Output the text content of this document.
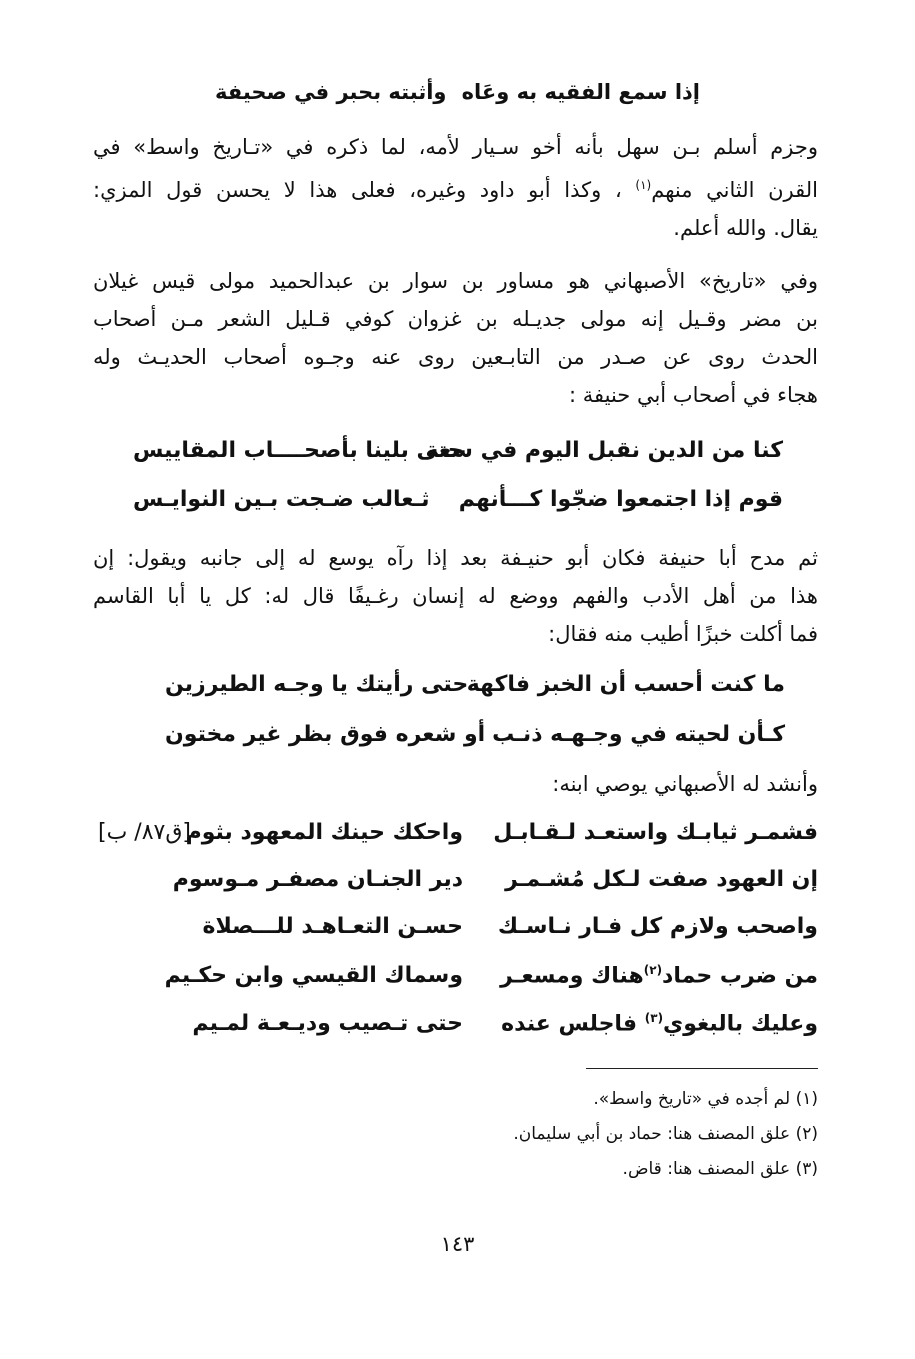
إذا سمع الفقيه به وعَاه
وأثبته بحبر في صحيفة
وجزم أسلم بـن سهل بأنه أخو سـيار لأمه، لما ذكره في «تـاريخ واسط» في
القرن الثاني منهم$^{(١)}$ ، وكذا أبو داود وغيره، فعلى هذا لا يحسن قول المزي:
يقال. والله أعلم.
وفي «تاريخ» الأصبهاني هو مساور بن سوار بن عبدالحميد مولى قيس غيلان
بن مضر وقـيل إنه مولى جديـله بن غزوان كوفي قـليل الشعر مـن أصحاب
الحدث روى عن صـدر من التابـعين روى عنه وجـوه أصحاب الحديـث وله
هجاء في أصحاب أبي حنيفة :
كنا من الدين نقبل اليوم في سعة
حتى بلينا بأصحــــاب المقاييس
قوم إذا اجتمعوا ضجّوا كـــأنهم
ثـعالب ضـجت بـين النوايـس
ثم مدح أبا حنيفة فكان أبو حنيـفة بعد إذا رآه يوسع له إلى جانبه ويقول: إن
هذا من أهل الأدب والفهم ووضع له إنسان رغـيفًا قال له: كل يا أبا القاسم
فما أكلت خبزًا أطيب منه فقال:
ما كنت أحسب أن الخبز فاكهة
حتى رأيتك يا وجـه الطيرزين
كـأن لحيته في وجـهـه ذنـب
أو شعره فوق بظر غير مختون
وأنشد له الأصبهاني يوصي ابنه:
فشمـر ثيابـك واستعـد لـقـابـل
واحكك حينك المعهود بثوم
[ق٨٧/ ب]
إن العهود صفت لـكل مُشـمـر
دير الجنـان مصفـر مـوسوم
واصحب ولازم كل فـار نـاسـك
حسـن التعـاهـد للـــصلاة
من ضرب حماد$^{(٢)}$هناك ومسعـر
وسماك القيسي وابن حكـيم
وعليك بالبغوي$^{(٣)}$ فاجلس عنده
حتى تـصيب وديـعـة لمـيم
(١) لم أجده في «تاريخ واسط».
(٢) علق المصنف هنا: حماد بن أبي سليمان.
(٣) علق المصنف هنا: قاض.
١٤٣
